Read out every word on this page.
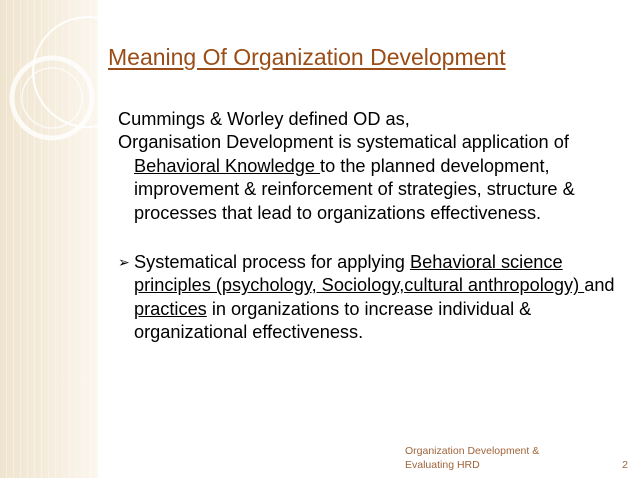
Meaning Of Organization Development

Cummings & Worley defined OD as,

Organisation Development is systematical application of Behavioral Knowledge to the planned development, improvement & reinforcement of strategies, structure & processes that lead to organizations effectiveness.

➢ Systematical process for applying Behavioral science principles (psychology, Sociology,cultural anthropology) and practices in organizations to increase individual & organizational effectiveness.

Organization Development &
Evaluating HRD	2
